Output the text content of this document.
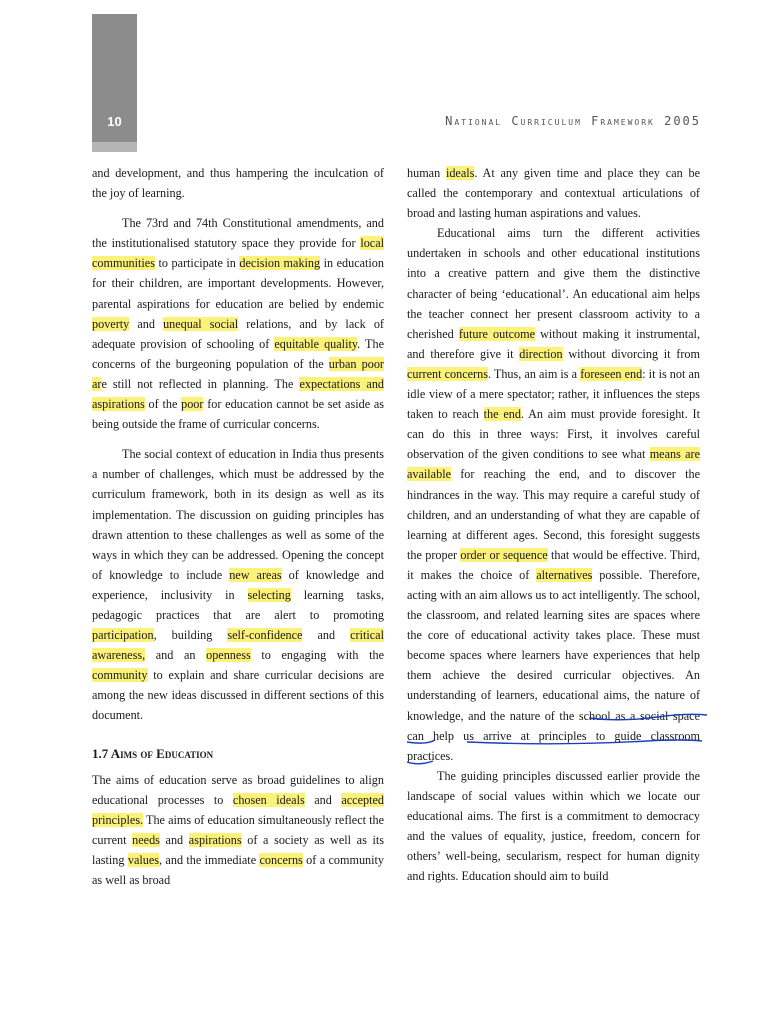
10	National Curriculum Framework 2005

and development, and thus hampering the inculcation of the joy of learning.

The 73rd and 74th Constitutional amendments, and the institutionalised statutory space they provide for local communities to participate in decision making in education for their children, are important developments. However, parental aspirations for education are belied by endemic poverty and unequal social relations, and by lack of adequate provision of schooling of equitable quality. The concerns of the burgeoning population of the urban poor are still not reflected in planning. The expectations and aspirations of the poor for education cannot be set aside as being outside the frame of curricular concerns.

The social context of education in India thus presents a number of challenges, which must be addressed by the curriculum framework, both in its design as well as its implementation. The discussion on guiding principles has drawn attention to these challenges as well as some of the ways in which they can be addressed. Opening the concept of knowledge to include new areas of knowledge and experience, inclusivity in selecting learning tasks, pedagogic practices that are alert to promoting participation, building self-confidence and critical awareness, and an openness to engaging with the community to explain and share curricular decisions are among the new ideas discussed in different sections of this document.

1.7 Aims of Education

The aims of education serve as broad guidelines to align educational processes to chosen ideals and accepted principles. The aims of education simultaneously reflect the current needs and aspirations of a society as well as its lasting values, and the immediate concerns of a community as well as broad

human ideals. At any given time and place they can be called the contemporary and contextual articulations of broad and lasting human aspirations and values.

Educational aims turn the different activities undertaken in schools and other educational institutions into a creative pattern and give them the distinctive character of being ‘educational’. An educational aim helps the teacher connect her present classroom activity to a cherished future outcome without making it instrumental, and therefore give it direction without divorcing it from current concerns. Thus, an aim is a foreseen end: it is not an idle view of a mere spectator; rather, it influences the steps taken to reach the end. An aim must provide foresight. It can do this in three ways: First, it involves careful observation of the given conditions to see what means are available for reaching the end, and to discover the hindrances in the way. This may require a careful study of children, and an understanding of what they are capable of learning at different ages. Second, this foresight suggests the proper order or sequence that would be effective. Third, it makes the choice of alternatives possible. Therefore, acting with an aim allows us to act intelligently. The school, the classroom, and related learning sites are spaces where the core of educational activity takes place. These must become spaces where learners have experiences that help them achieve the desired curricular objectives. An understanding of learners, educational aims, the nature of knowledge, and the nature of the school as a social space can help us arrive at principles to guide classroom practices.

The guiding principles discussed earlier provide the landscape of social values within which we locate our educational aims. The first is a commitment to democracy and the values of equality, justice, freedom, concern for others’ well-being, secularism, respect for human dignity and rights. Education should aim to build
